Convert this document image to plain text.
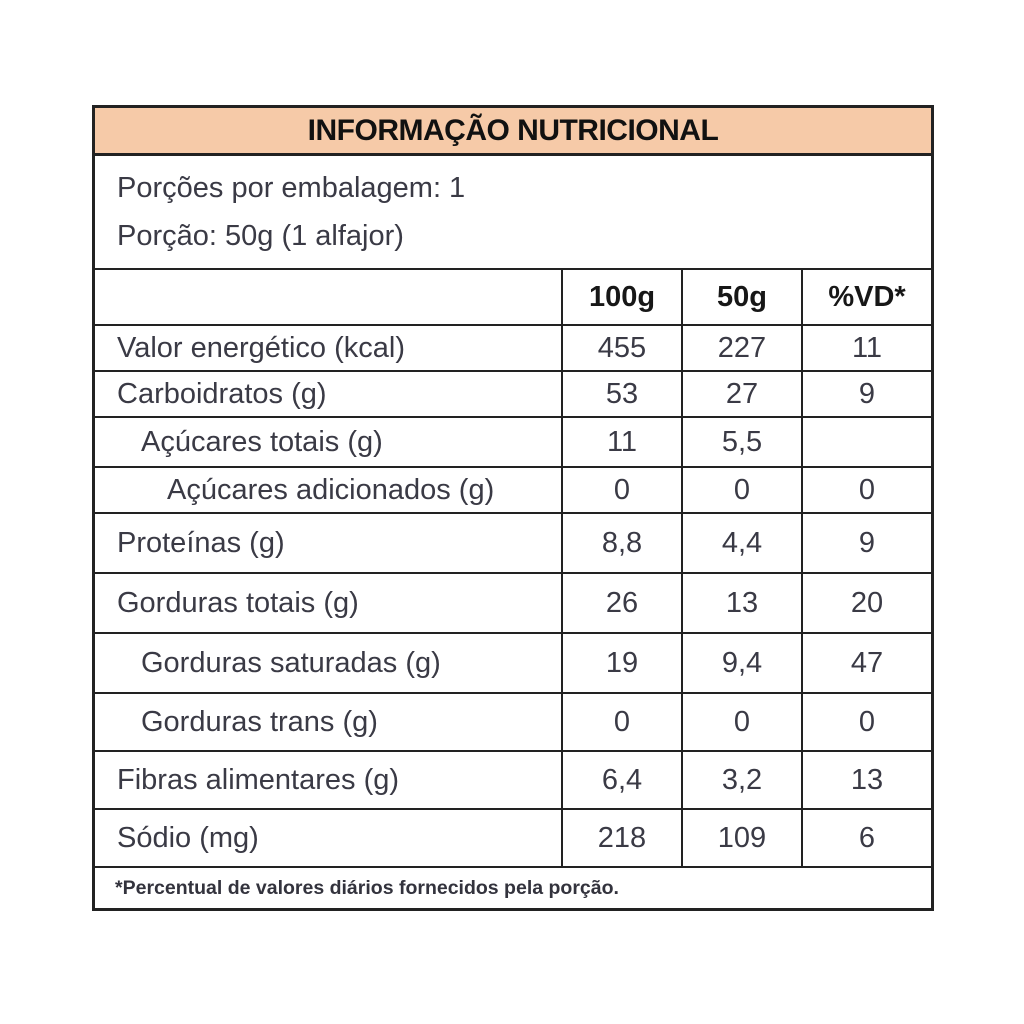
INFORMAÇÃO NUTRICIONAL
Porções por embalagem: 1
Porção: 50g (1 alfajor)
100g	50g	%VD*
Valor energético (kcal)	455	227	11
Carboidratos (g)	53	27	9
Açúcares totais (g)	11	5,5
Açúcares adicionados (g)	0	0	0
Proteínas (g)	8,8	4,4	9
Gorduras totais (g)	26	13	20
Gorduras saturadas (g)	19	9,4	47
Gorduras trans (g)	0	0	0
Fibras alimentares (g)	6,4	3,2	13
Sódio (mg)	218	109	6
*Percentual de valores diários fornecidos pela porção.
